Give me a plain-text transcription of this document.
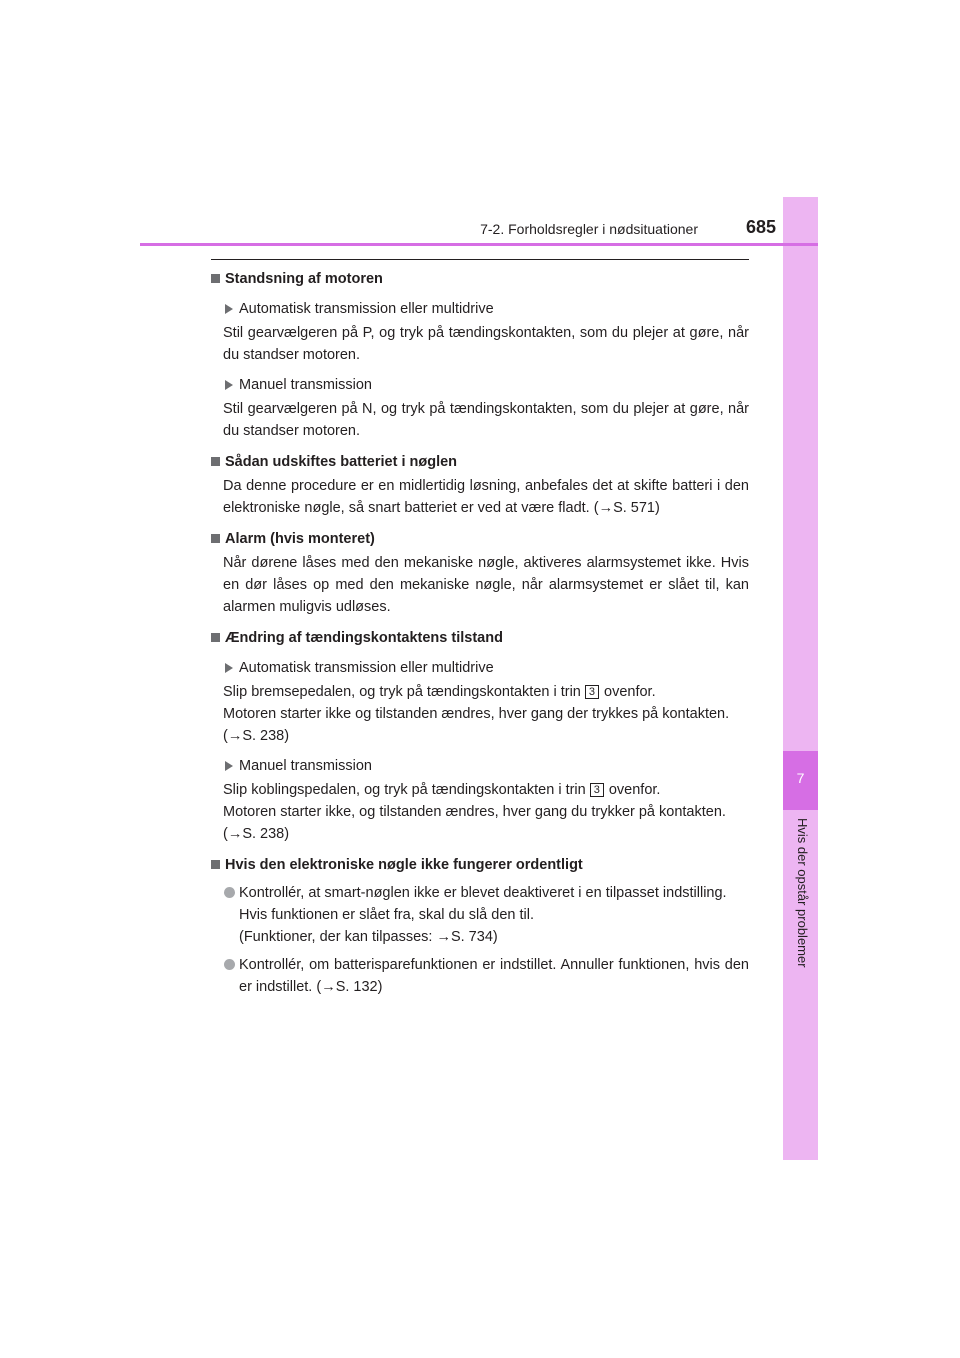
7
Hvis der opstår problemer
7-2. Forholdsregler i nødsituationer	685
Standsning af motoren
Automatisk transmission eller multidrive
Stil gearvælgeren på P, og tryk på tændingskontakten, som du plejer at gøre, når du standser motoren.
Manuel transmission
Stil gearvælgeren på N, og tryk på tændingskontakten, som du plejer at gøre, når du standser motoren.
Sådan udskiftes batteriet i nøglen
Da denne procedure er en midlertidig løsning, anbefales det at skifte batteri i den elektroniske nøgle, så snart batteriet er ved at være fladt. (→S. 571)
Alarm (hvis monteret)
Når dørene låses med den mekaniske nøgle, aktiveres alarmsystemet ikke. Hvis en dør låses op med den mekaniske nøgle, når alarmsystemet er slået til, kan alarmen muligvis udløses.
Ændring af tændingskontaktens tilstand
Automatisk transmission eller multidrive
Slip bremsepedalen, og tryk på tændingskontakten i trin 3 ovenfor.
Motoren starter ikke og tilstanden ændres, hver gang der trykkes på kontakten.
(→S. 238)
Manuel transmission
Slip koblingspedalen, og tryk på tændingskontakten i trin 3 ovenfor.
Motoren starter ikke, og tilstanden ændres, hver gang du trykker på kontakten.
(→S. 238)
Hvis den elektroniske nøgle ikke fungerer ordentligt
Kontrollér, at smart-nøglen ikke er blevet deaktiveret i en tilpasset indstilling.
Hvis funktionen er slået fra, skal du slå den til.
(Funktioner, der kan tilpasses: →S. 734)
Kontrollér, om batterisparefunktionen er indstillet. Annuller funktionen, hvis den er indstillet. (→S. 132)
